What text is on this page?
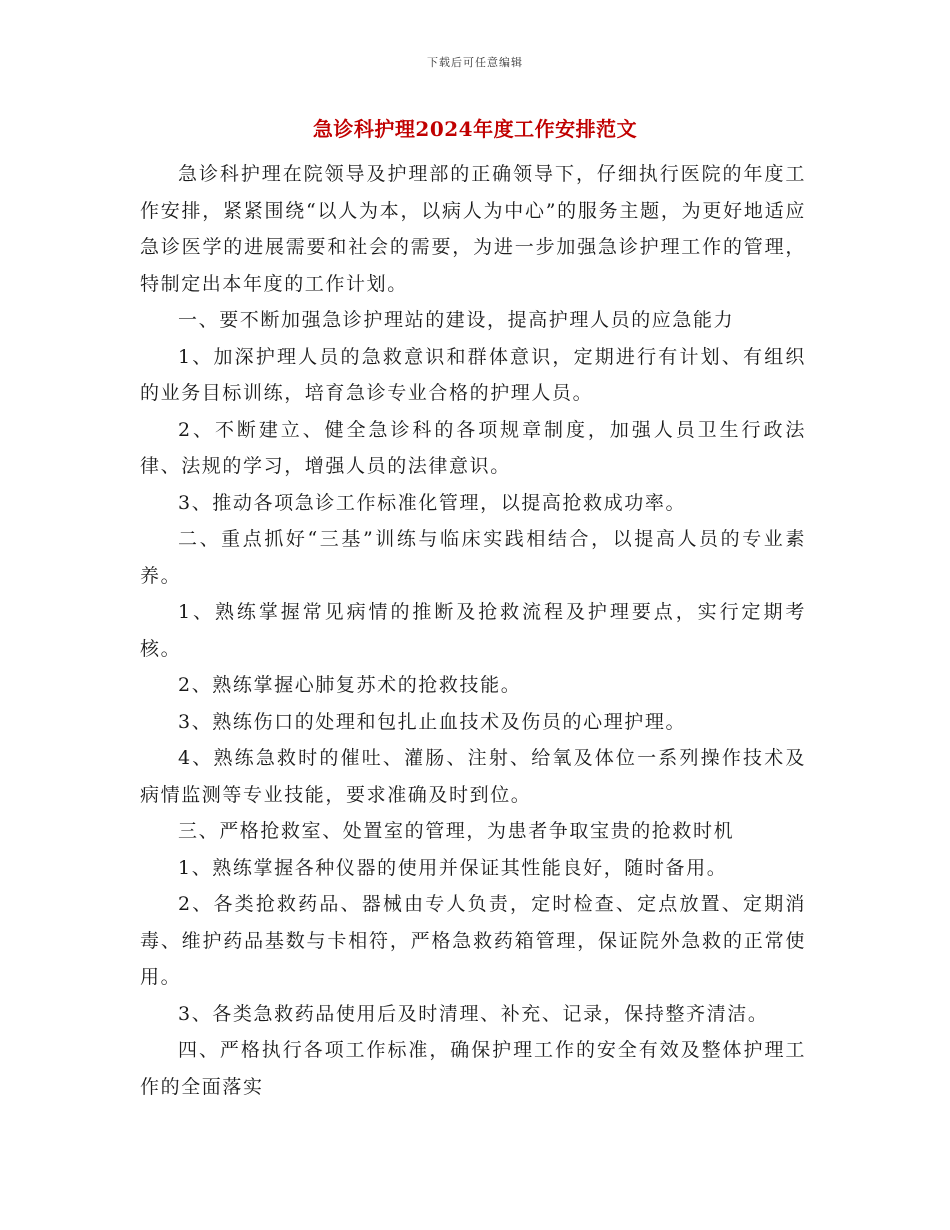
下载后可任意编辑
急诊科护理2024年度工作安排范文

急诊科护理在院领导及护理部的正确领导下，仔细执行医院的年度工作安排，紧紧围绕“以人为本，以病人为中心”的服务主题，为更好地适应急诊医学的进展需要和社会的需要，为进一步加强急诊护理工作的管理，特制定出本年度的工作计划。

一、要不断加强急诊护理站的建设，提高护理人员的应急能力

1、加深护理人员的急救意识和群体意识，定期进行有计划、有组织的业务目标训练，培育急诊专业合格的护理人员。

2、不断建立、健全急诊科的各项规章制度，加强人员卫生行政法律、法规的学习，增强人员的法律意识。

3、推动各项急诊工作标准化管理，以提高抢救成功率。

二、重点抓好“三基”训练与临床实践相结合，以提高人员的专业素养。

1、熟练掌握常见病情的推断及抢救流程及护理要点，实行定期考核。

2、熟练掌握心肺复苏术的抢救技能。

3、熟练伤口的处理和包扎止血技术及伤员的心理护理。

4、熟练急救时的催吐、灌肠、注射、给氧及体位一系列操作技术及病情监测等专业技能，要求准确及时到位。

三、严格抢救室、处置室的管理，为患者争取宝贵的抢救时机

1、熟练掌握各种仪器的使用并保证其性能良好，随时备用。

2、各类抢救药品、器械由专人负责，定时检查、定点放置、定期消毒、维护药品基数与卡相符，严格急救药箱管理，保证院外急救的正常使用。

3、各类急救药品使用后及时清理、补充、记录，保持整齐清洁。

四、严格执行各项工作标准，确保护理工作的安全有效及整体护理工作的全面落实
